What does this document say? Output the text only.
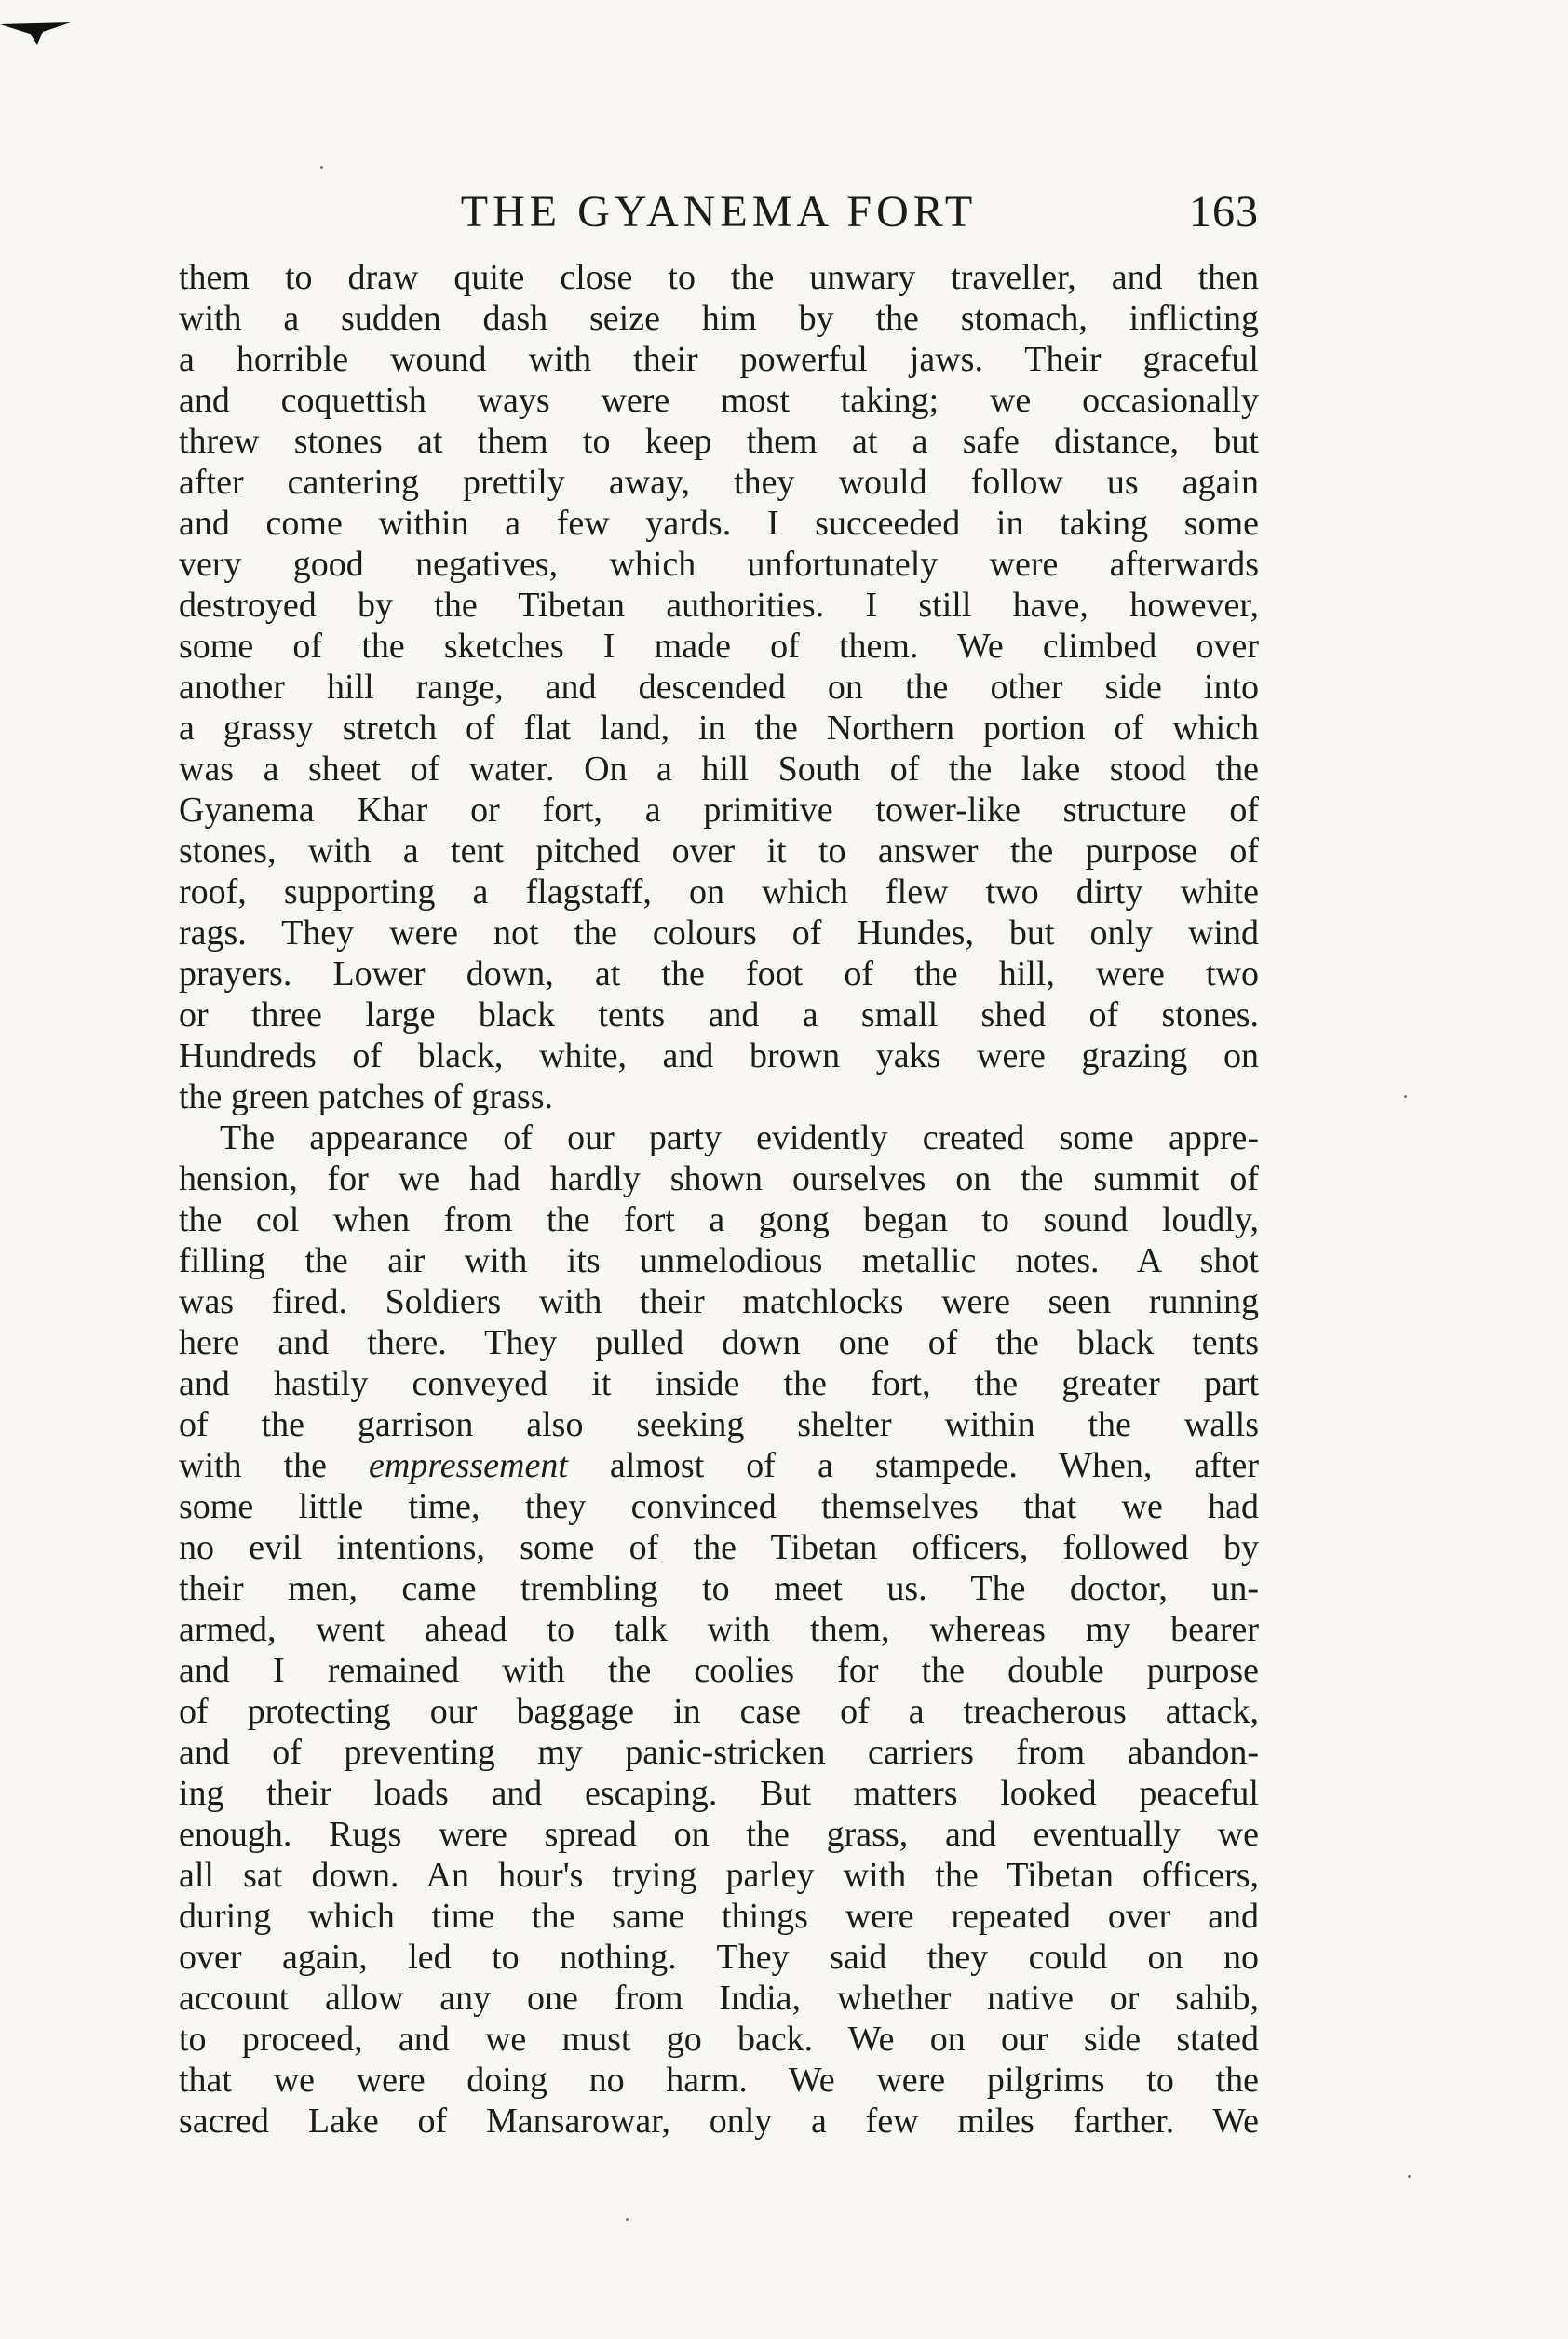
THE GYANEMA FORT	163
them to draw quite close to the unwary traveller, and then
with a sudden dash seize him by the stomach, inflicting
a horrible wound with their powerful jaws. Their graceful
and coquettish ways were most taking; we occasionally
threw stones at them to keep them at a safe distance, but
after cantering prettily away, they would follow us again
and come within a few yards. I succeeded in taking some
very good negatives, which unfortunately were afterwards
destroyed by the Tibetan authorities. I still have, however,
some of the sketches I made of them. We climbed over
another hill range, and descended on the other side into
a grassy stretch of flat land, in the Northern portion of which
was a sheet of water. On a hill South of the lake stood the
Gyanema Khar or fort, a primitive tower-like structure of
stones, with a tent pitched over it to answer the purpose of
roof, supporting a flagstaff, on which flew two dirty white
rags. They were not the colours of Hundes, but only wind
prayers. Lower down, at the foot of the hill, were two
or three large black tents and a small shed of stones.
Hundreds of black, white, and brown yaks were grazing on
the green patches of grass.
The appearance of our party evidently created some appre-
hension, for we had hardly shown ourselves on the summit of
the col when from the fort a gong began to sound loudly,
filling the air with its unmelodious metallic notes. A shot
was fired. Soldiers with their matchlocks were seen running
here and there. They pulled down one of the black tents
and hastily conveyed it inside the fort, the greater part
of the garrison also seeking shelter within the walls
with the empressement almost of a stampede. When, after
some little time, they convinced themselves that we had
no evil intentions, some of the Tibetan officers, followed by
their men, came trembling to meet us. The doctor, un-
armed, went ahead to talk with them, whereas my bearer
and I remained with the coolies for the double purpose
of protecting our baggage in case of a treacherous attack,
and of preventing my panic-stricken carriers from abandon-
ing their loads and escaping. But matters looked peaceful
enough. Rugs were spread on the grass, and eventually we
all sat down. An hour's trying parley with the Tibetan officers,
during which time the same things were repeated over and
over again, led to nothing. They said they could on no
account allow any one from India, whether native or sahib,
to proceed, and we must go back. We on our side stated
that we were doing no harm. We were pilgrims to the
sacred Lake of Mansarowar, only a few miles farther. We
